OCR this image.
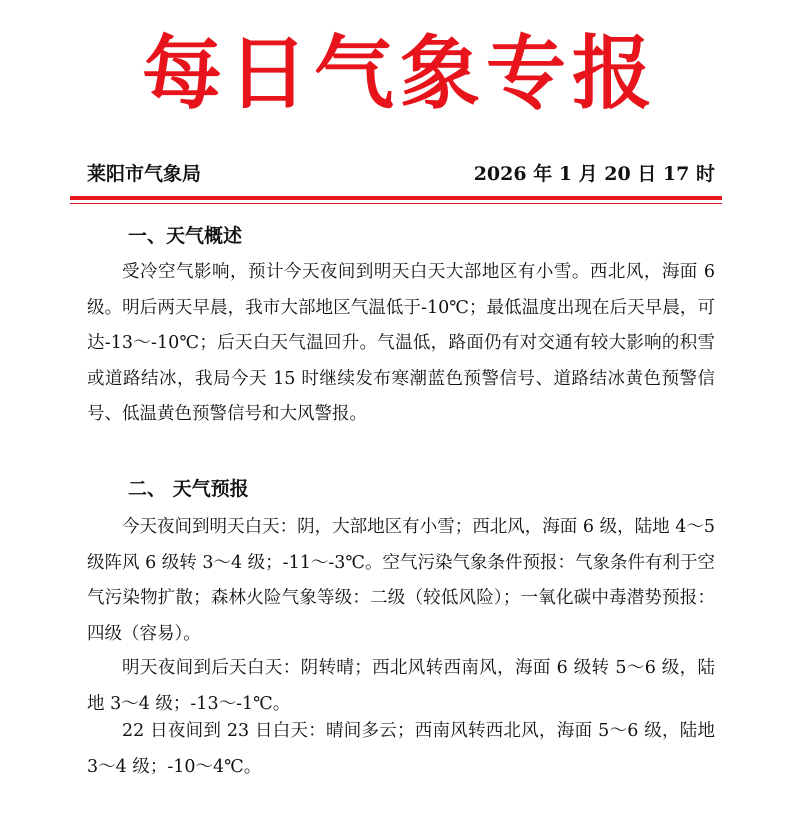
每日气象专报
莱阳市气象局	2026 年 1 月 20 日 17 时
一、天气概述

受冷空气影响，预计今天夜间到明天白天大部地区有小雪。西北风，海面 6 级。明后两天早晨，我市大部地区气温低于-10℃；最低温度出现在后天早晨，可达-13～-10℃；后天白天气温回升。气温低，路面仍有对交通有较大影响的积雪或道路结冰，我局今天 15 时继续发布寒潮蓝色预警信号、道路结冰黄色预警信号、低温黄色预警信号和大风警报。

二、 天气预报

今天夜间到明天白天：阴，大部地区有小雪；西北风，海面 6 级，陆地 4～5 级阵风 6 级转 3～4 级；-11～-3℃。空气污染气象条件预报：气象条件有利于空气污染物扩散；森林火险气象等级：二级（较低风险）；一氧化碳中毒潜势预报：四级（容易）。

明天夜间到后天白天：阴转晴；西北风转西南风，海面 6 级转 5～6 级，陆地 3～4 级；-13～-1℃。

22 日夜间到 23 日白天：晴间多云；西南风转西北风，海面 5～6 级，陆地 3～4 级；-10～4℃。
